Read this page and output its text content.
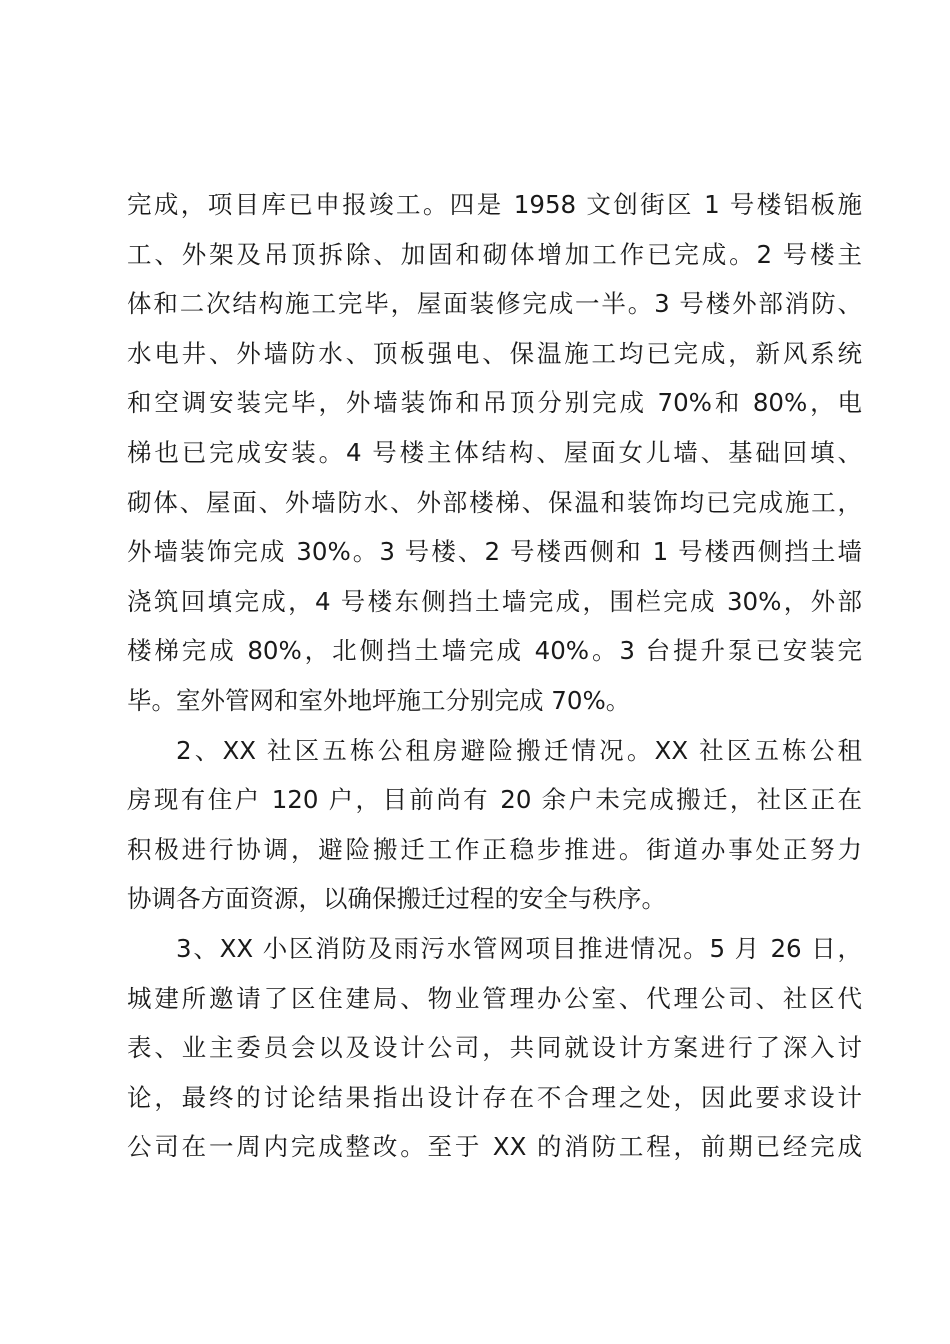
完成，项目库已申报竣工。四是 1958 文创街区 1 号楼铝板施
工、外架及吊顶拆除、加固和砌体增加工作已完成。2 号楼主
体和二次结构施工完毕，屋面装修完成一半。3 号楼外部消防、
水电井、外墙防水、顶板强电、保温施工均已完成，新风系统
和空调安装完毕，外墙装饰和吊顶分别完成 70%和 80%，电
梯也已完成安装。4 号楼主体结构、屋面女儿墙、基础回填、
砌体、屋面、外墙防水、外部楼梯、保温和装饰均已完成施工，
外墙装饰完成 30%。3 号楼、2 号楼西侧和 1 号楼西侧挡土墙
浇筑回填完成，4 号楼东侧挡土墙完成，围栏完成 30%，外部
楼梯完成 80%，北侧挡土墙完成 40%。3 台提升泵已安装完
毕。室外管网和室外地坪施工分别完成 70%。
2、XX 社区五栋公租房避险搬迁情况。XX 社区五栋公租
房现有住户 120 户，目前尚有 20 余户未完成搬迁，社区正在
积极进行协调，避险搬迁工作正稳步推进。街道办事处正努力
协调各方面资源，以确保搬迁过程的安全与秩序。
3、XX 小区消防及雨污水管网项目推进情况。5 月 26 日，
城建所邀请了区住建局、物业管理办公室、代理公司、社区代
表、业主委员会以及设计公司，共同就设计方案进行了深入讨
论，最终的讨论结果指出设计存在不合理之处，因此要求设计
公司在一周内完成整改。至于 XX 的消防工程，前期已经完成
